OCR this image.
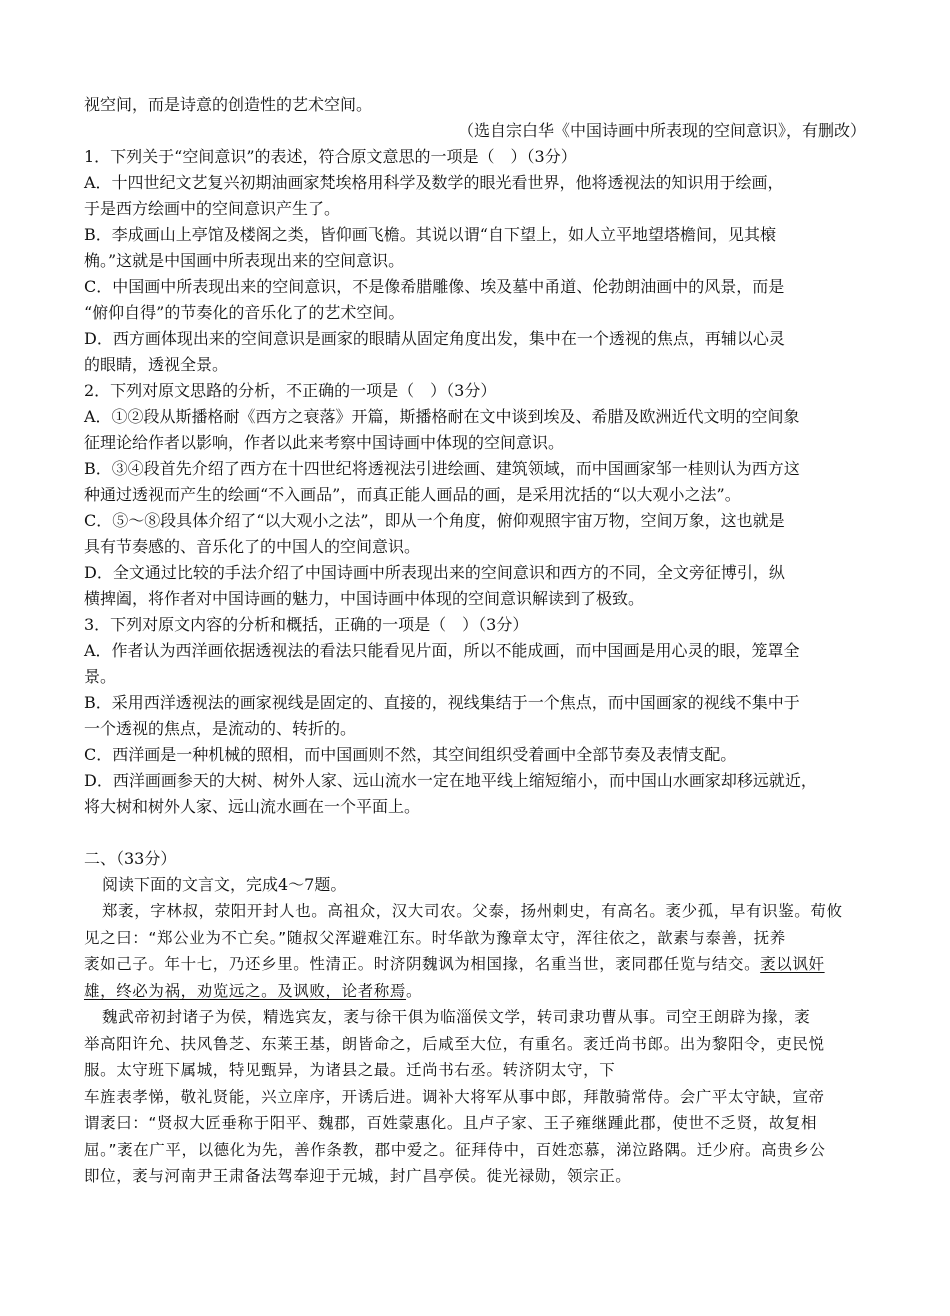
视空间，而是诗意的创造性的艺术空间。
（选自宗白华《中国诗画中所表现的空间意识》，有删改）
1．下列关于“空间意识”的表述，符合原文意思的一项是（　）（3分）
A．十四世纪文艺复兴初期油画家梵埃格用科学及数学的眼光看世界，他将透视法的知识用于绘画，
于是西方绘画中的空间意识产生了。
B．李成画山上亭馆及楼阁之类，皆仰画飞檐。其说以谓“自下望上，如人立平地望塔檐间，见其榱
桷。”这就是中国画中所表现出来的空间意识。
C．中国画中所表现出来的空间意识，不是像希腊雕像、埃及墓中甬道、伦勃朗油画中的风景，而是
“俯仰自得”的节奏化的音乐化了的艺术空间。
D．西方画体现出来的空间意识是画家的眼睛从固定角度出发，集中在一个透视的焦点，再辅以心灵
的眼睛，透视全景。
2．下列对原文思路的分析，不正确的一项是（　）（3分）
A．①②段从斯播格耐《西方之衰落》开篇，斯播格耐在文中谈到埃及、希腊及欧洲近代文明的空间象
征理论给作者以影响，作者以此来考察中国诗画中体现的空间意识。
B．③④段首先介绍了西方在十四世纪将透视法引进绘画、建筑领域，而中国画家邹一桂则认为西方这
种通过透视而产生的绘画“不入画品”，而真正能人画品的画，是采用沈括的“以大观小之法”。
C．⑤～⑧段具体介绍了“以大观小之法”，即从一个角度，俯仰观照宇宙万物，空间万象，这也就是
具有节奏感的、音乐化了的中国人的空间意识。
D．全文通过比较的手法介绍了中国诗画中所表现出来的空间意识和西方的不同，全文旁征博引，纵
横捭阖，将作者对中国诗画的魅力，中国诗画中体现的空间意识解读到了极致。
3．下列对原文内容的分析和概括，正确的一项是（　）（3分）
A．作者认为西洋画依据透视法的看法只能看见片面，所以不能成画，而中国画是用心灵的眼，笼罩全
景。
B．采用西洋透视法的画家视线是固定的、直接的，视线集结于一个焦点，而中国画家的视线不集中于
一个透视的焦点，是流动的、转折的。
C．西洋画是一种机械的照相，而中国画则不然，其空间组织受着画中全部节奏及表情支配。
D．西洋画画参天的大树、树外人家、远山流水一定在地平线上缩短缩小，而中国山水画家却移远就近，
将大树和树外人家、远山流水画在一个平面上。
二、（33分）
阅读下面的文言文，完成4～7题。
郑袤，字林叔，荥阳开封人也。高祖众，汉大司农。父泰，扬州刺史，有高名。袤少孤，早有识鉴。荀攸
见之曰：“郑公业为不亡矣。”随叔父浑避难江东。时华歆为豫章太守，浑往依之，歆素与泰善，抚养
袤如己子。年十七，乃还乡里。性清正。时济阴魏讽为相国掾，名重当世，袤同郡任览与结交。袤以讽奸
雄，终必为祸，劝览远之。及讽败，论者称焉。
魏武帝初封诸子为侯，精选宾友，袤与徐干俱为临淄侯文学，转司隶功曹从事。司空王朗辟为掾，袤
举高阳许允、扶风鲁芝、东莱王基，朗皆命之，后咸至大位，有重名。袤迁尚书郎。出为黎阳令，吏民悦
服。太守班下属城，特见甄异，为诸县之最。迁尚书右丞。转济阴太守，下
车旌表孝悌，敬礼贤能，兴立庠序，开诱后进。调补大将军从事中郎，拜散骑常侍。会广平太守缺，宣帝
谓袤曰：“贤叔大匠垂称于阳平、魏郡，百姓蒙惠化。且卢子家、王子雍继踵此郡，使世不乏贤，故复相
屈。”袤在广平，以德化为先，善作条教，郡中爱之。征拜侍中，百姓恋慕，涕泣路隅。迁少府。高贵乡公
即位，袤与河南尹王肃备法驾奉迎于元城，封广昌亭侯。徙光禄勋，领宗正。
